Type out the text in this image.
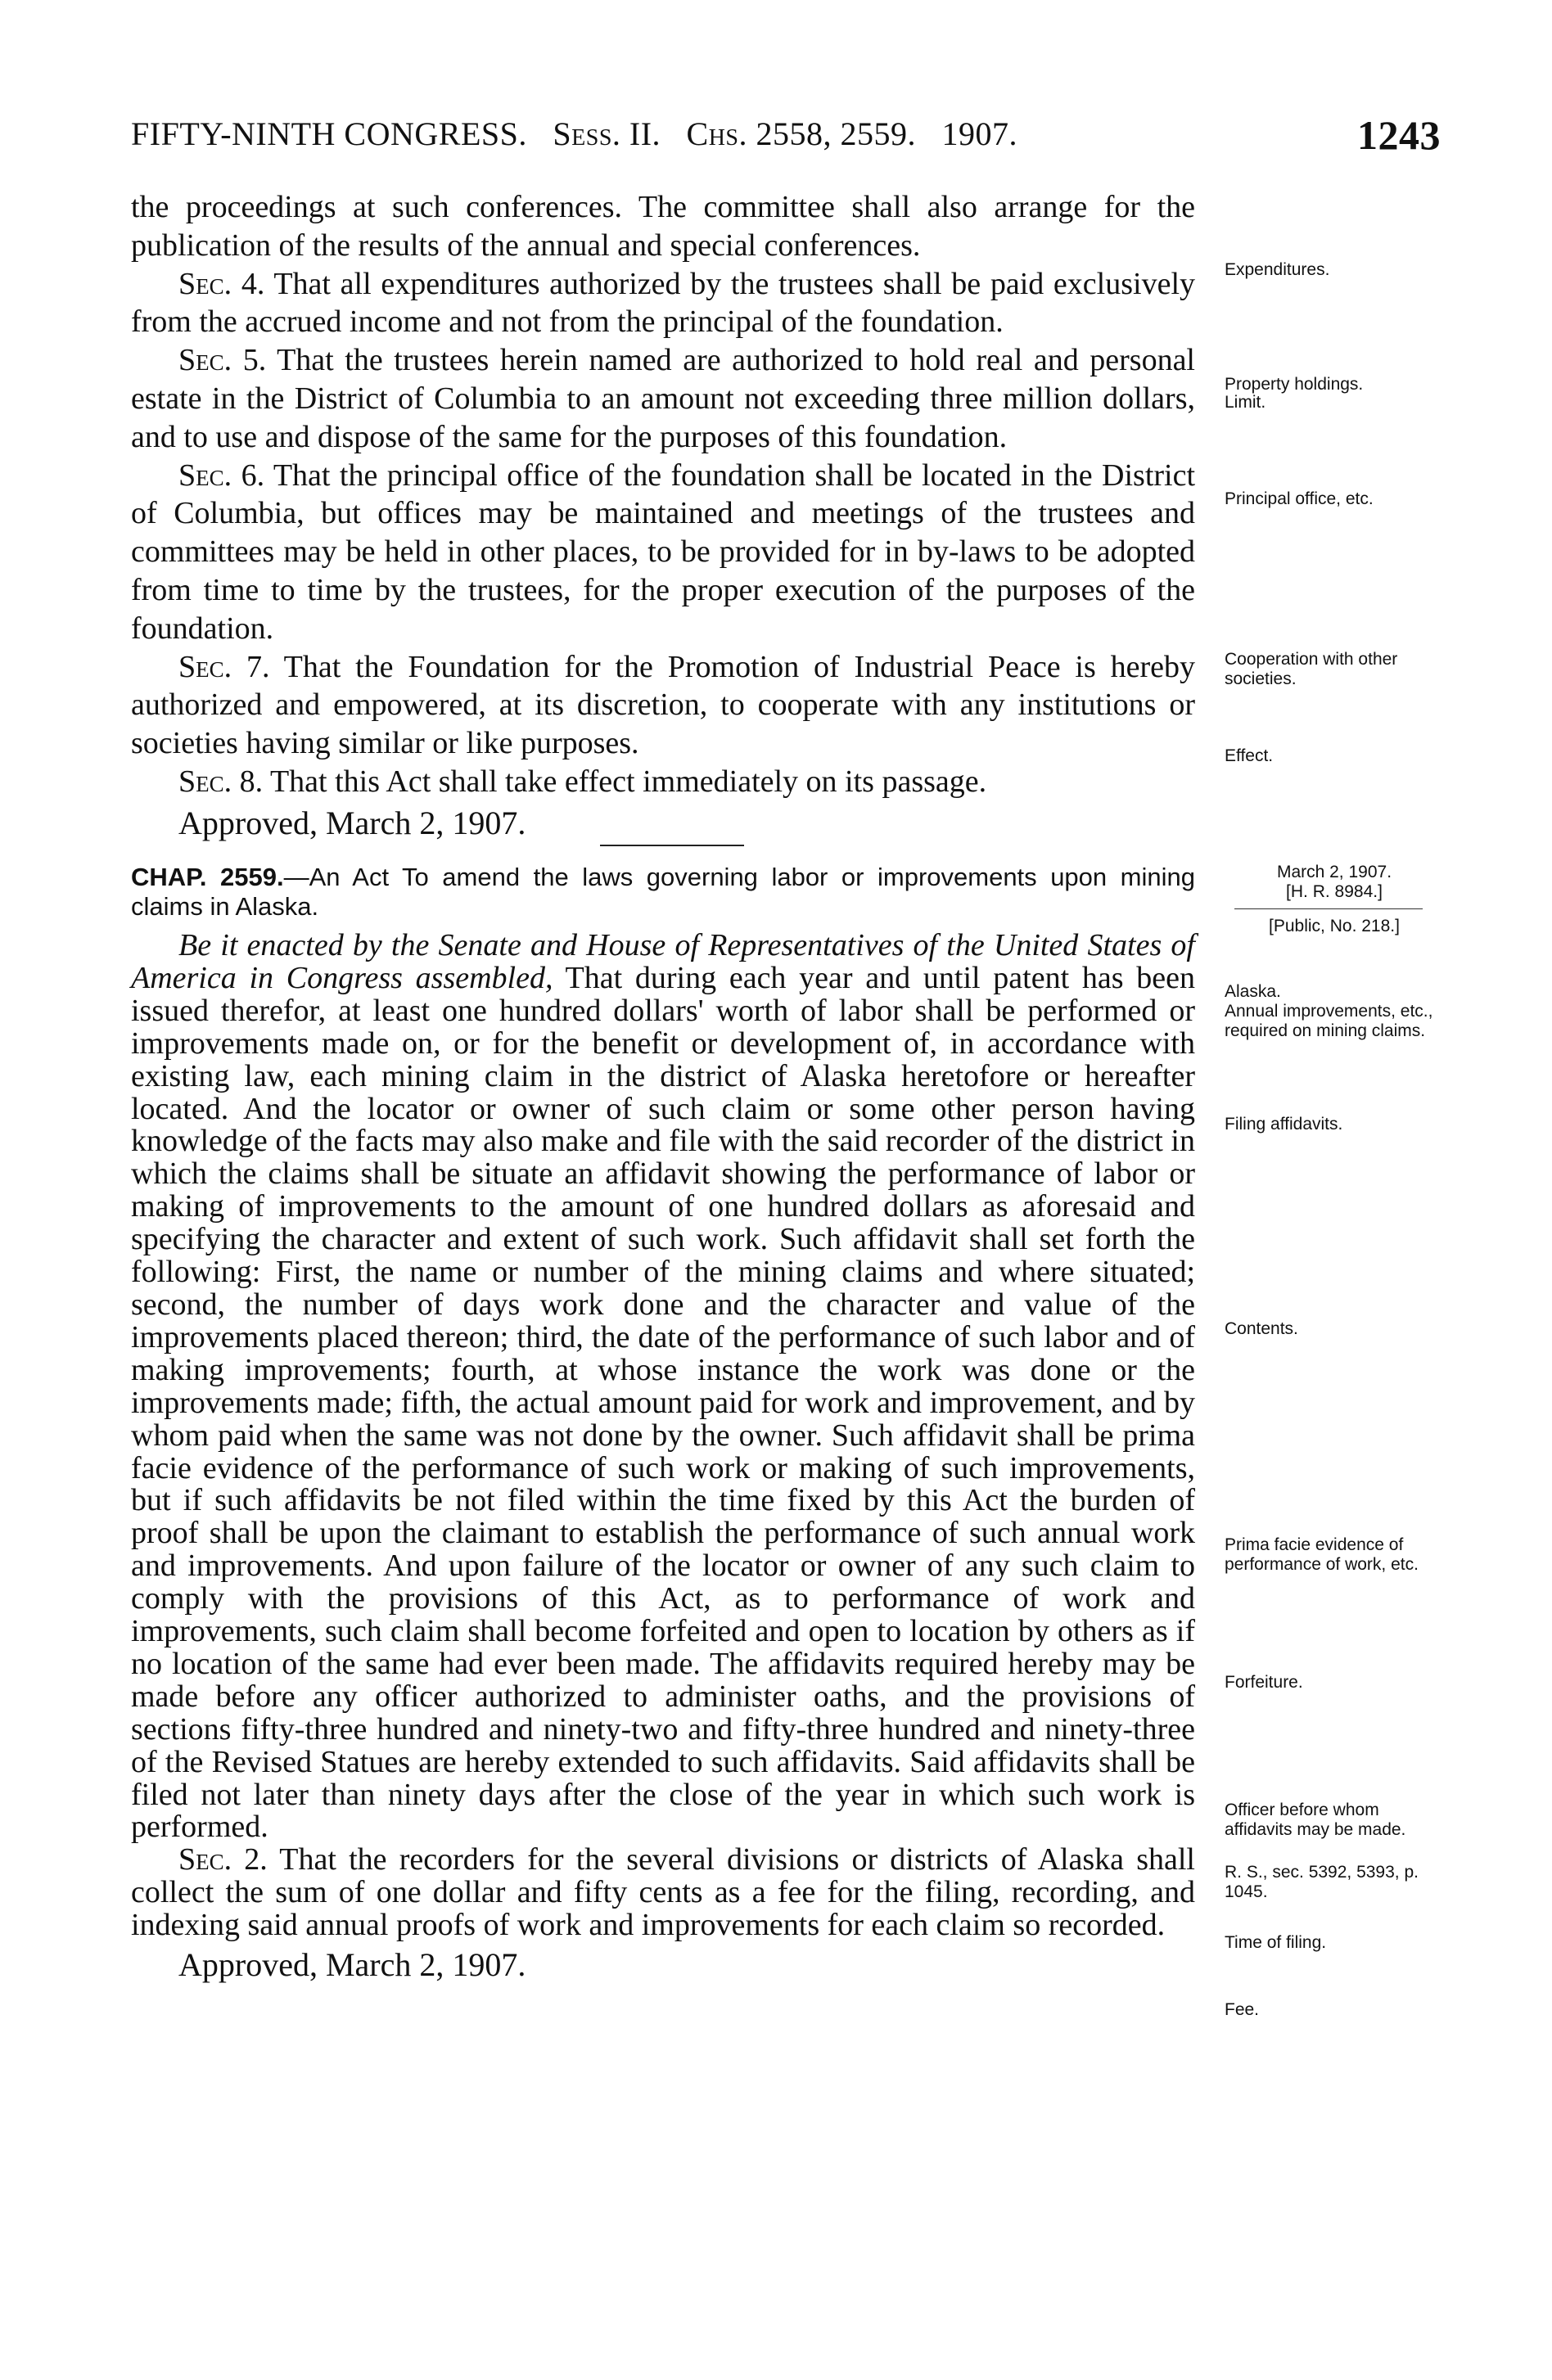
FIFTY-NINTH CONGRESS. Sess. II. Chs. 2558, 2559. 1907.	1243

the proceedings at such conferences. The committee shall also arrange for the publication of the results of the annual and special conferences.

Sec. 4. That all expenditures authorized by the trustees shall be paid exclusively from the accrued income and not from the principal of the foundation.

Sec. 5. That the trustees herein named are authorized to hold real and personal estate in the District of Columbia to an amount not exceeding three million dollars, and to use and dispose of the same for the purposes of this foundation.

Sec. 6. That the principal office of the foundation shall be located in the District of Columbia, but offices may be maintained and meetings of the trustees and committees may be held in other places, to be provided for in by-laws to be adopted from time to time by the trustees, for the proper execution of the purposes of the foundation.

Sec. 7. That the Foundation for the Promotion of Industrial Peace is hereby authorized and empowered, at its discretion, to cooperate with any institutions or societies having similar or like purposes.

Sec. 8. That this Act shall take effect immediately on its passage.

Approved, March 2, 1907.

CHAP. 2559.—An Act To amend the laws governing labor or improvements upon mining claims in Alaska.

Be it enacted by the Senate and House of Representatives of the United States of America in Congress assembled, That during each year and until patent has been issued therefor, at least one hundred dollars' worth of labor shall be performed or improvements made on, or for the benefit or development of, in accordance with existing law, each mining claim in the district of Alaska heretofore or hereafter located. And the locator or owner of such claim or some other person having knowledge of the facts may also make and file with the said recorder of the district in which the claims shall be situate an affidavit showing the performance of labor or making of improvements to the amount of one hundred dollars as aforesaid and specifying the character and extent of such work. Such affidavit shall set forth the following: First, the name or number of the mining claims and where situated; second, the number of days work done and the character and value of the improvements placed thereon; third, the date of the performance of such labor and of making improvements; fourth, at whose instance the work was done or the improvements made; fifth, the actual amount paid for work and improvement, and by whom paid when the same was not done by the owner. Such affidavit shall be prima facie evidence of the performance of such work or making of such improvements, but if such affidavits be not filed within the time fixed by this Act the burden of proof shall be upon the claimant to establish the performance of such annual work and improvements. And upon failure of the locator or owner of any such claim to comply with the provisions of this Act, as to performance of work and improvements, such claim shall become forfeited and open to location by others as if no location of the same had ever been made. The affidavits required hereby may be made before any officer authorized to administer oaths, and the provisions of sections fifty-three hundred and ninety-two and fifty-three hundred and ninety-three of the Revised Statues are hereby extended to such affidavits. Said affidavits shall be filed not later than ninety days after the close of the year in which such work is performed.

Sec. 2. That the recorders for the several divisions or districts of Alaska shall collect the sum of one dollar and fifty cents as a fee for the filing, recording, and indexing said annual proofs of work and improvements for each claim so recorded.

Approved, March 2, 1907.

Expenditures.
Property holdings.
Limit.
Principal office, etc.
Cooperation with other societies.
Effect.
March 2, 1907.
[H. R. 8984.]
[Public, No. 218.]
Alaska.
Annual improvements, etc., required on mining claims.
Filing affidavits.
Contents.
Prima facie evidence of performance of work, etc.
Forfeiture.
Officer before whom affidavits may be made.
R. S., sec. 5392, 5393, p. 1045.
Time of filing.
Fee.
